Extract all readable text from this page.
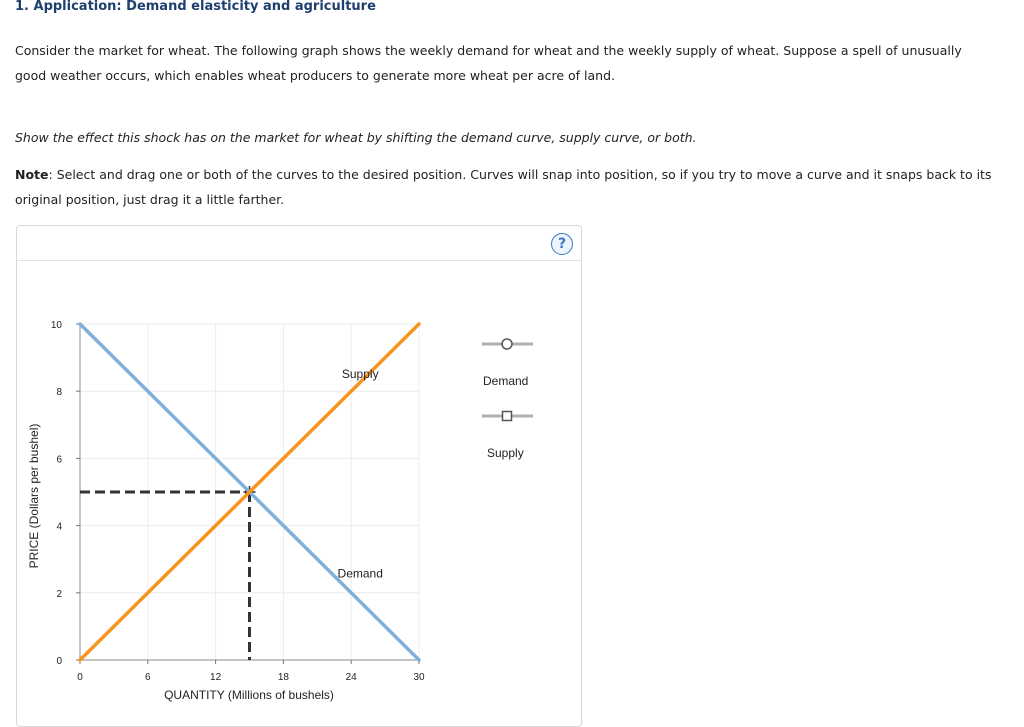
1. Application: Demand elasticity and agriculture
Consider the market for wheat. The following graph shows the weekly demand for wheat and the weekly supply of wheat. Suppose a spell of unusually good weather occurs, which enables wheat producers to generate more wheat per acre of land.
Show the effect this shock has on the market for wheat by shifting the demand curve, supply curve, or both.
Note: Select and drag one or both of the curves to the desired position. Curves will snap into position, so if you try to move a curve and it snaps back to its original position, just drag it a little farther.
?
0	6	12	18	24	30
0
2
4
6
8
10
Supply
Demand
QUANTITY (Millions of bushels)
PRICE (Dollars per bushel)
Demand
Supply
